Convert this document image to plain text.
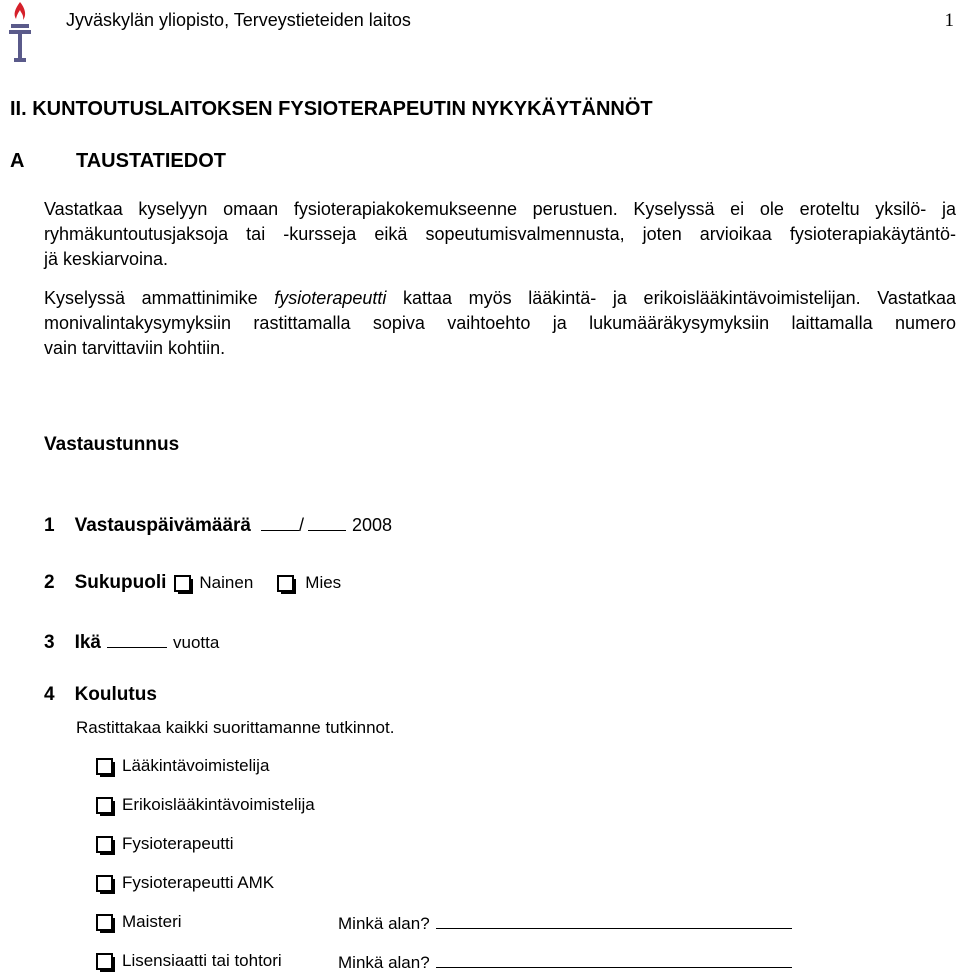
Jyväskylän yliopisto, Terveystieteiden laitos	1
II. KUNTOUTUSLAITOKSEN FYSIOTERAPEUTIN NYKYKÄYTÄNNÖT
A	TAUSTATIEDOT
Vastatkaa kyselyyn omaan fysioterapiakokemukseenne perustuen. Kyselyssä ei ole eroteltu yksilö- ja
ryhmäkuntoutusjaksoja tai -kursseja eikä sopeutumisvalmennusta, joten arvioikaa fysioterapiakäytäntö-
jä keskiarvoina.
Kyselyssä ammattinimike fysioterapeutti kattaa myös lääkintä- ja erikoislääkintävoimistelijan. Vastatkaa
monivalintakysymyksiin rastittamalla sopiva vaihtoehto ja lukumääräkysymyksiin laittamalla numero
vain tarvittaviin kohtiin.
Vastaustunnus
1 Vastauspäivämäärä	/	2008
2 Sukupuoli Nainen	Mies
3 Ikä	vuotta
4 Koulutus
Rastittakaa kaikki suorittamanne tutkinnot.
Lääkintävoimistelija
Erikoislääkintävoimistelija
Fysioterapeutti
Fysioterapeutti AMK
Maisteri	Minkä alan?
Lisensiaatti tai tohtori	Minkä alan?
